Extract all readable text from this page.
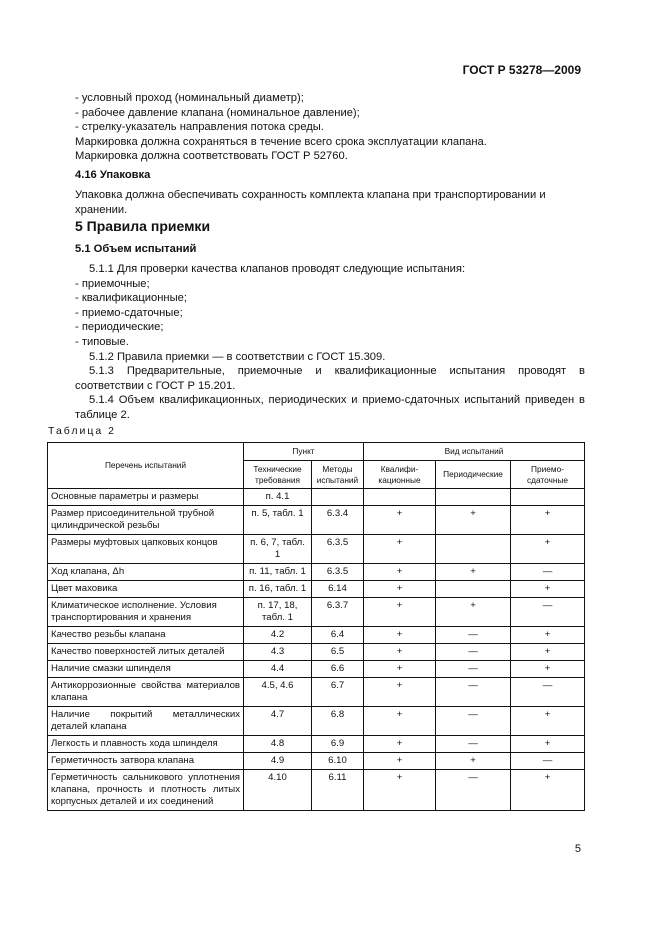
ГОСТ Р 53278—2009

- условный проход (номинальный диаметр);

- рабочее давление клапана (номинальное давление);

- стрелку-указатель направления потока среды.

Маркировка должна сохраняться в течение всего срока эксплуатации клапана.

Маркировка должна соответствовать ГОСТ Р 52760.

4.16 Упаковка

Упаковка должна обеспечивать сохранность комплекта клапана при транспортировании и хранении.

5 Правила приемки
5.1 Объем испытаний

5.1.1 Для проверки качества клапанов проводят следующие испытания:

- приемочные;

- квалификационные;

- приемо-сдаточные;

- периодические;

- типовые.

5.1.2 Правила приемки — в соответствии с ГОСТ 15.309.

5.1.3 Предварительные, приемочные и квалификационные испытания проводят в соответствии с ГОСТ Р 15.201.

5.1.4 Объем квалификационных, периодических и приемо-сдаточных испытаний приведен в таблице 2.

Таблица 2
Перечень испытаний	Пункт		Вид испытаний		
	Технические требования	Методы испытаний	Квалифи-кационные	Периодические	Приемо-сдаточные
Основные параметры и размеры	п. 4.1				
Размер присоединительной трубной цилиндрической резьбы	п. 5, табл. 1	6.3.4	+	+	+
Размеры муфтовых цапковых концов	п. 6, 7, табл. 1	6.3.5	+		+
Ход клапана, Δh	п. 11, табл. 1	6.3.5	+	+	—
Цвет маховика	п. 16, табл. 1	6.14	+		+
Климатическое исполнение. Условия транспортирования и хранения	п. 17, 18, табл. 1	6.3.7	+	+	—
Качество резьбы клапана	4.2	6.4	+	—	+
Качество поверхностей литых деталей	4.3	6.5	+	—	+
Наличие смазки шпинделя	4.4	6.6	+	—	+
Антикоррозионные свойства материалов клапана	4.5, 4.6	6.7	+	—	—
Наличие покрытий металлических деталей клапана	4.7	6.8	+	—	+
Легкость и плавность хода шпинделя	4.8	6.9	+	—	+
Герметичность затвора клапана	4.9	6.10	+	+	—
Герметичность сальникового уплотнения клапана, прочность и плотность литых корпусных деталей и их соединений	4.10	6.11	+	—	+
5
